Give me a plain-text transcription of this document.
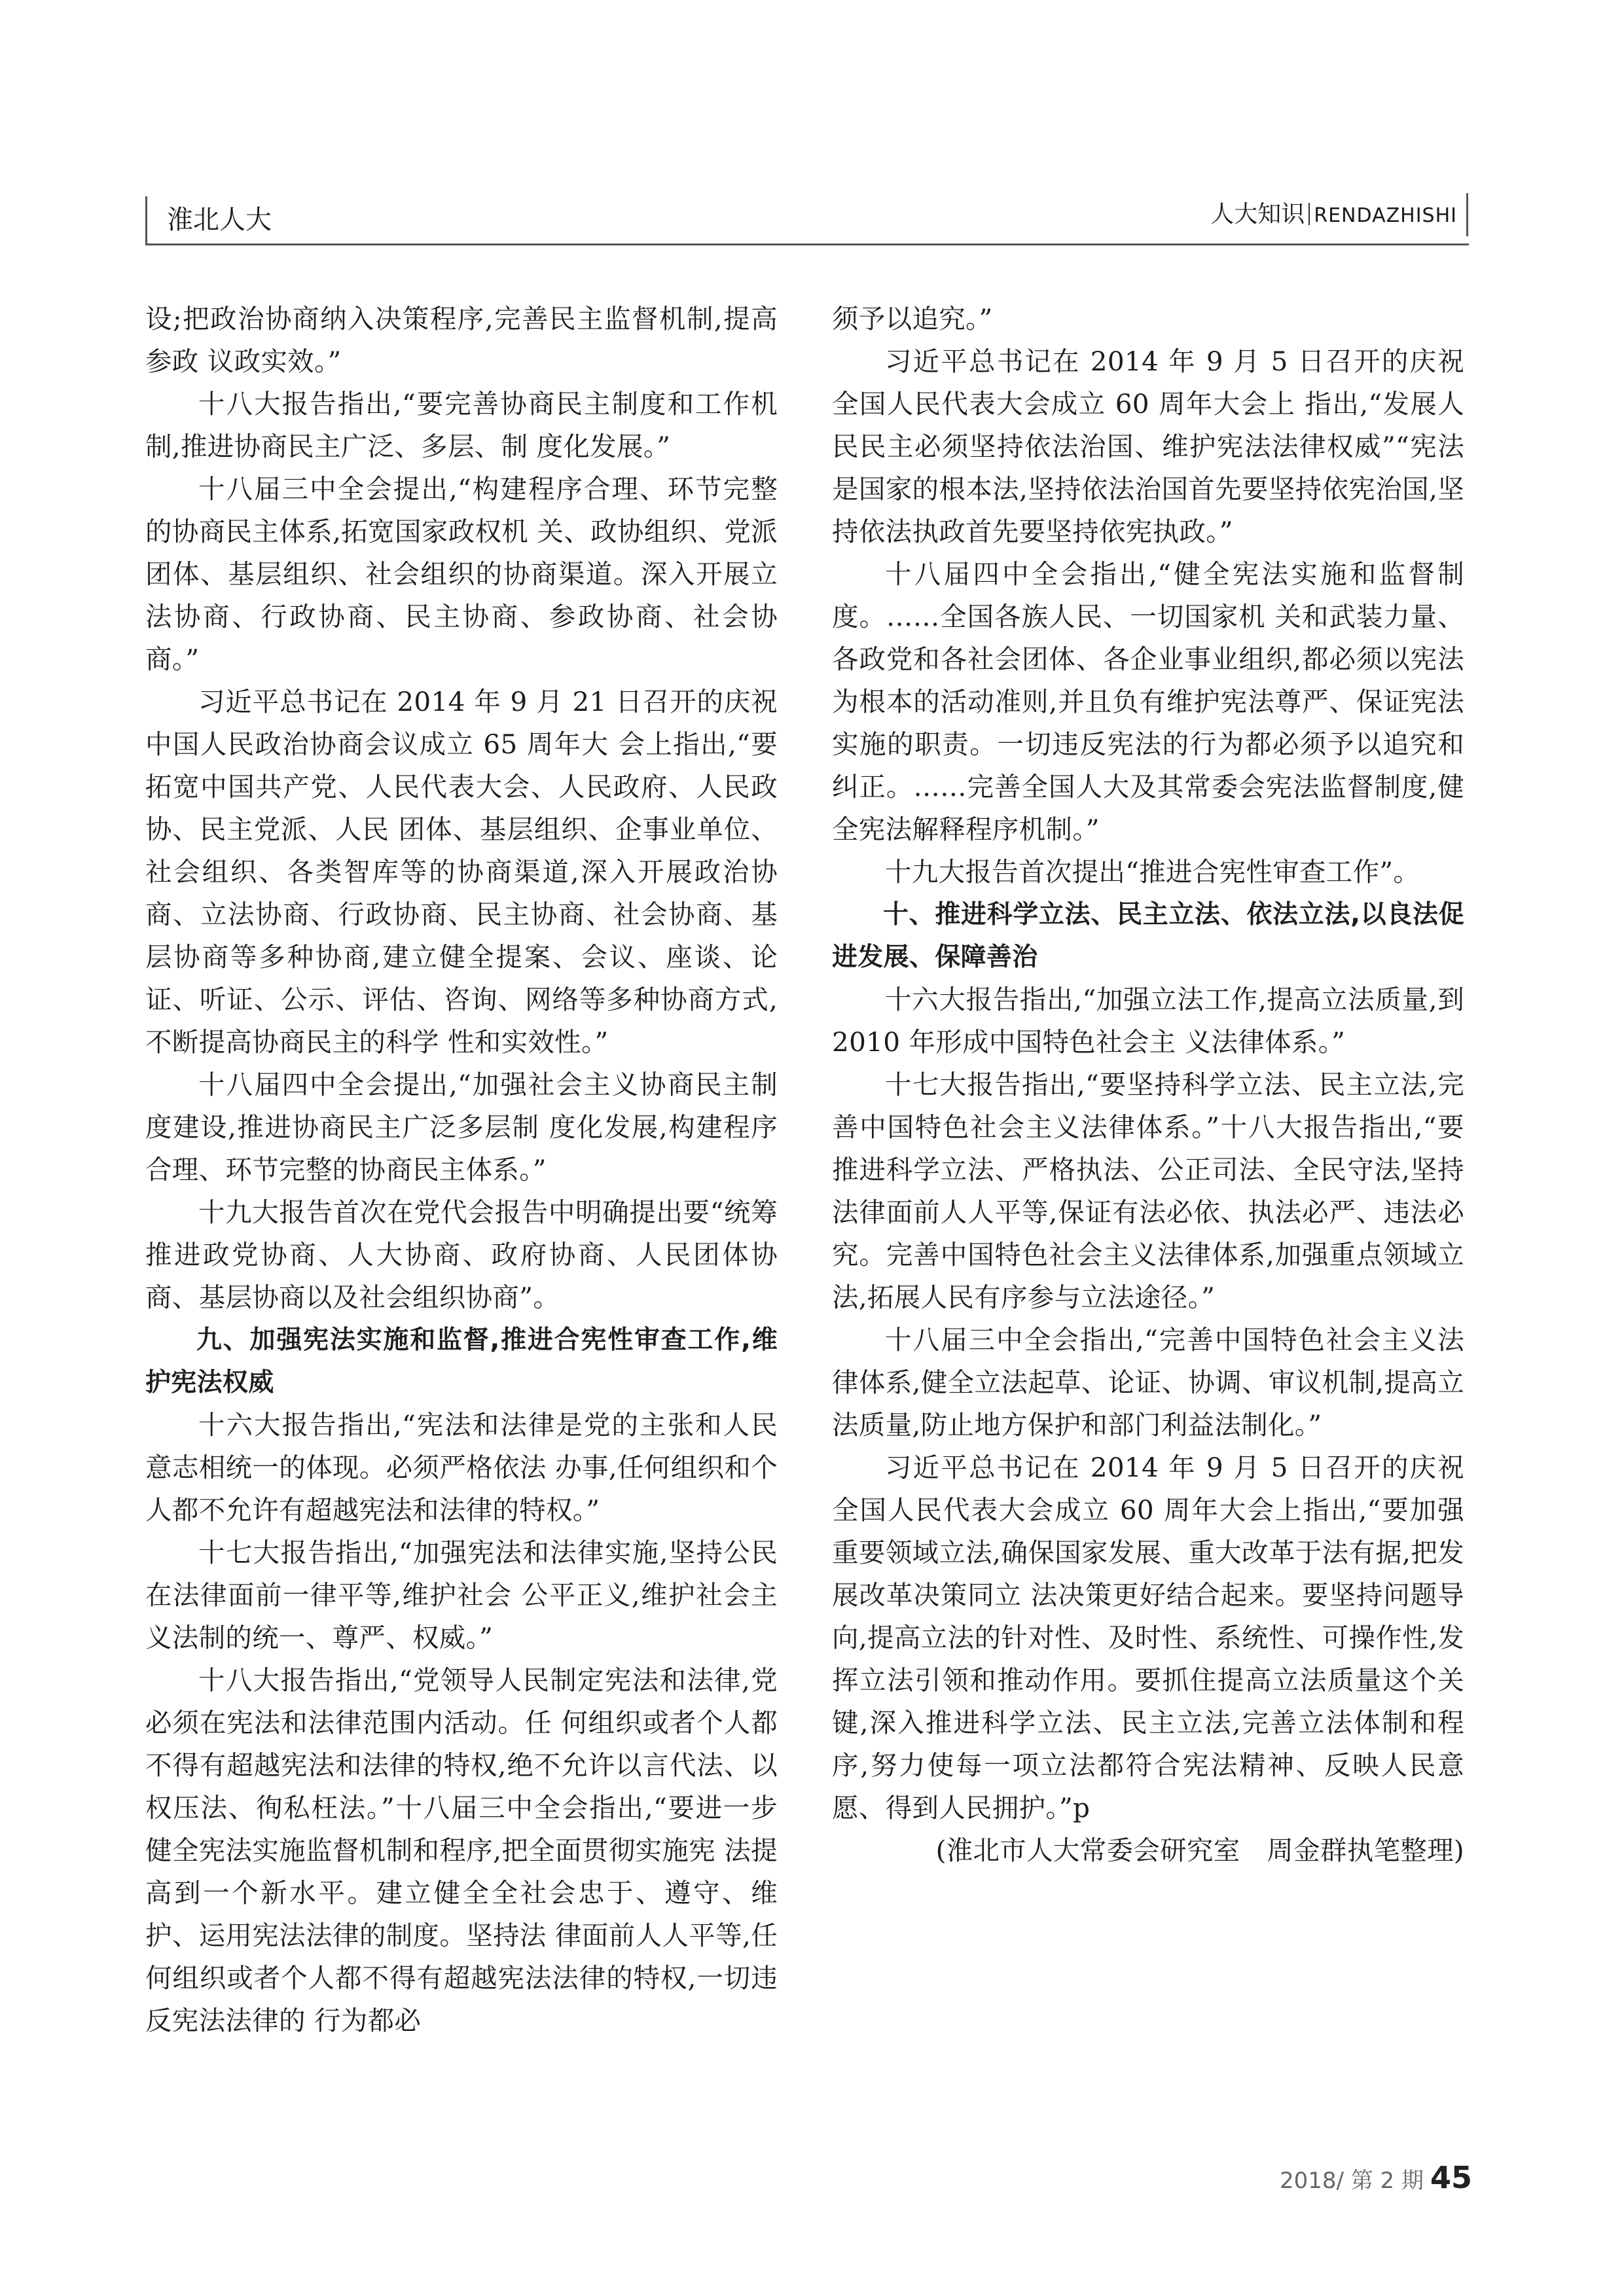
淮北人大	人大知识 RENDAZHISHI

设;把政治协商纳入决策程序,完善民主监督机制,提高参政 议政实效。”

十八大报告指出,“要完善协商民主制度和工作机制,推进协商民主广泛、多层、制 度化发展。”

十八届三中全会提出,“构建程序合理、环节完整的协商民主体系,拓宽国家政权机 关、政协组织、党派团体、基层组织、社会组织的协商渠道。深入开展立法协商、行政协商、民主协商、参政协商、社会协商。”

习近平总书记在 2014 年 9 月 21 日召开的庆祝中国人民政治协商会议成立 65 周年大 会上指出,“要拓宽中国共产党、人民代表大会、人民政府、人民政协、民主党派、人民 团体、基层组织、企事业单位、社会组织、各类智库等的协商渠道,深入开展政治协商、立法协商、行政协商、民主协商、社会协商、基层协商等多种协商,建立健全提案、会议、座谈、论证、听证、公示、评估、咨询、网络等多种协商方式,不断提高协商民主的科学 性和实效性。”

十八届四中全会提出,“加强社会主义协商民主制度建设,推进协商民主广泛多层制 度化发展,构建程序合理、环节完整的协商民主体系。”

十九大报告首次在党代会报告中明确提出要“统筹推进政党协商、人大协商、政府协商、人民团体协商、基层协商以及社会组织协商”。

九、加强宪法实施和监督,推进合宪性审查工作,维护宪法权威

十六大报告指出,“宪法和法律是党的主张和人民意志相统一的体现。必须严格依法 办事,任何组织和个人都不允许有超越宪法和法律的特权。”

十七大报告指出,“加强宪法和法律实施,坚持公民在法律面前一律平等,维护社会 公平正义,维护社会主义法制的统一、尊严、权威。”

十八大报告指出,“党领导人民制定宪法和法律,党必须在宪法和法律范围内活动。任 何组织或者个人都不得有超越宪法和法律的特权,绝不允许以言代法、以权压法、徇私枉法。”十八届三中全会指出,“要进一步健全宪法实施监督机制和程序,把全面贯彻实施宪 法提高到一个新水平。建立健全全社会忠于、遵守、维护、运用宪法法律的制度。坚持法 律面前人人平等,任何组织或者个人都不得有超越宪法法律的特权,一切违反宪法法律的 行为都必

须予以追究。”

习近平总书记在 2014 年 9 月 5 日召开的庆祝全国人民代表大会成立 60 周年大会上 指出,“发展人民民主必须坚持依法治国、维护宪法法律权威”“宪法是国家的根本法,坚持依法治国首先要坚持依宪治国,坚持依法执政首先要坚持依宪执政。”

十八届四中全会指出,“健全宪法实施和监督制度。……全国各族人民、一切国家机 关和武装力量、各政党和各社会团体、各企业事业组织,都必须以宪法为根本的活动准则,并且负有维护宪法尊严、保证宪法实施的职责。一切违反宪法的行为都必须予以追究和纠正。……完善全国人大及其常委会宪法监督制度,健全宪法解释程序机制。”

十九大报告首次提出“推进合宪性审查工作”。

十、推进科学立法、民主立法、依法立法,以良法促进发展、保障善治

十六大报告指出,“加强立法工作,提高立法质量,到 2010 年形成中国特色社会主 义法律体系。”

十七大报告指出,“要坚持科学立法、民主立法,完善中国特色社会主义法律体系。”十八大报告指出,“要推进科学立法、严格执法、公正司法、全民守法,坚持法律面前人人平等,保证有法必依、执法必严、违法必究。完善中国特色社会主义法律体系,加强重点领域立法,拓展人民有序参与立法途径。”

十八届三中全会指出,“完善中国特色社会主义法律体系,健全立法起草、论证、协调、审议机制,提高立法质量,防止地方保护和部门利益法制化。”

习近平总书记在 2014 年 9 月 5 日召开的庆祝全国人民代表大会成立 60 周年大会上指出,“要加强重要领域立法,确保国家发展、重大改革于法有据,把发展改革决策同立 法决策更好结合起来。要坚持问题导向,提高立法的针对性、及时性、系统性、可操作性,发挥立法引领和推动作用。要抓住提高立法质量这个关键,深入推进科学立法、民主立法,完善立法体制和程序,努力使每一项立法都符合宪法精神、反映人民意愿、得到人民拥护。”p

(淮北市人大常委会研究室　周金群执笔整理)

2018/ 第 2 期 45
